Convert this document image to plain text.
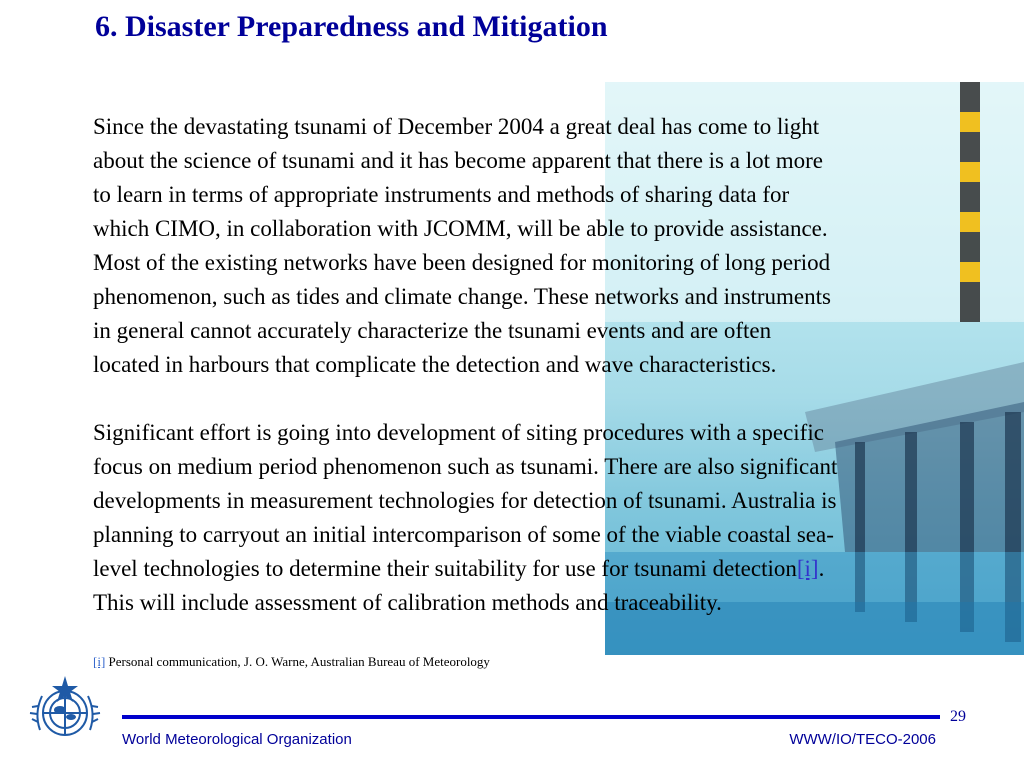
6. Disaster Preparedness and Mitigation

Since the devastating tsunami of December 2004 a great deal has come to light
about the science of tsunami and it has become apparent that there is a lot more
to learn in terms of appropriate instruments and methods of sharing data for
which CIMO, in collaboration with JCOMM, will be able to provide assistance.
Most of the existing networks have been designed for monitoring of long period
phenomenon, such as tides and climate change. These networks and instruments
in general cannot accurately characterize the tsunami events and are often
located in harbours that complicate the detection and wave characteristics.

Significant effort is going into development of siting procedures with a specific
focus on medium period phenomenon such as tsunami. There are also significant
developments in measurement technologies for detection of tsunami. Australia is
planning to carryout an initial intercomparison of some of the viable coastal sea-
level technologies to determine their suitability for use for tsunami detection[i].
This will include assessment of calibration methods and traceability.

[i] Personal communication, J. O. Warne, Australian Bureau of Meteorology
29
World Meteorological Organization	WWW/IO/TECO-2006
